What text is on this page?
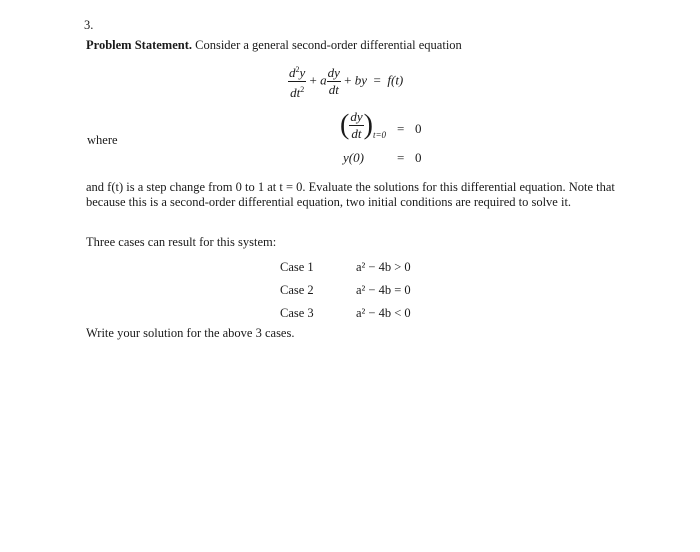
3.
Problem Statement. Consider a general second-order differential equation
$\frac{d^2y}{dt^2} + a \frac{dy}{dt}$ + by = f(t)
where	( $\frac{dy}{dt} )_{t=0} = 0$
y(0)	= 0
and f(t) is a step change from 0 to 1 at t = 0. Evaluate the solutions for this differential equation. Note that
because this is a second-order differential equation, two initial conditions are required to solve it.
Three cases can result for this system:
Case 1	a² − 4b > 0
Case 2	a² − 4b = 0
Case 3	a² − 4b < 0
Write your solution for the above 3 cases.
